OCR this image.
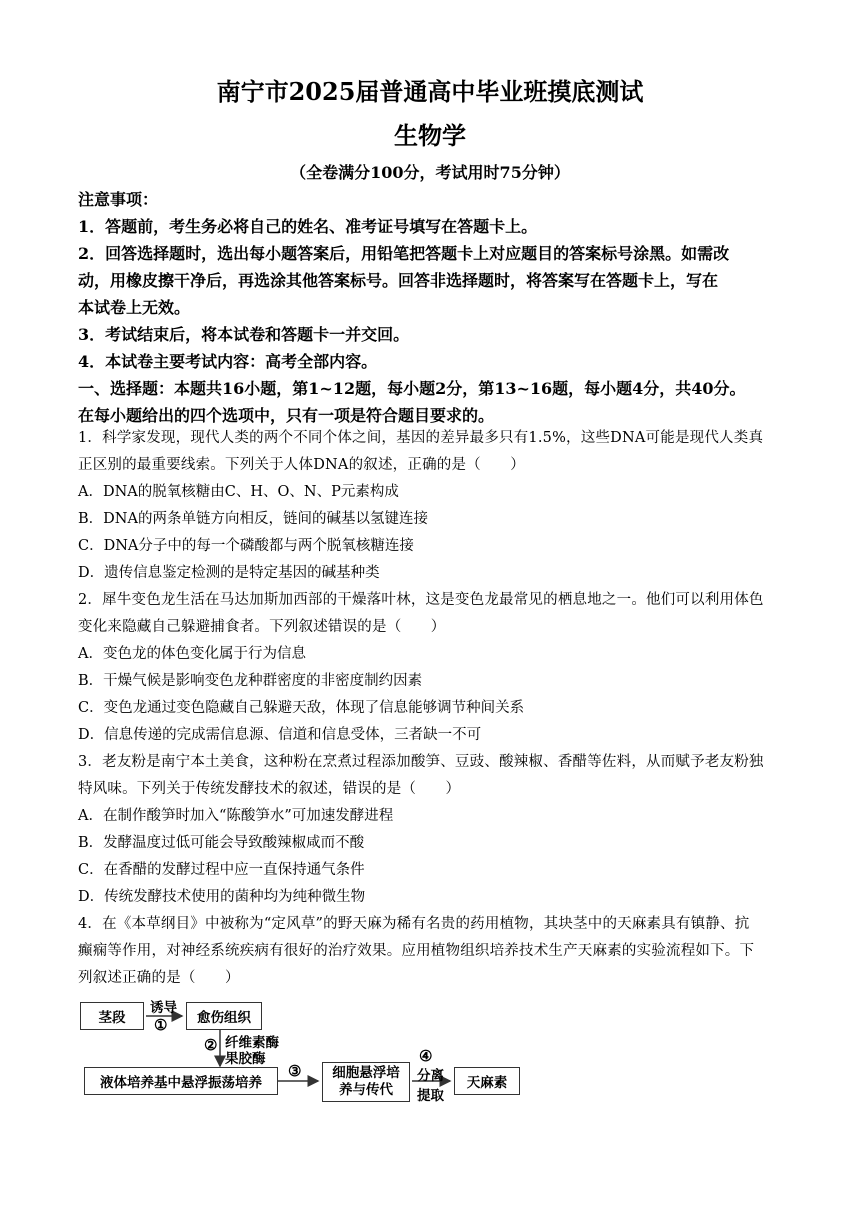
南宁市2025届普通高中毕业班摸底测试
生物学
（全卷满分100分，考试用时75分钟）
注意事项：
1．答题前，考生务必将自己的姓名、准考证号填写在答题卡上。
2．回答选择题时，选出每小题答案后，用铅笔把答题卡上对应题目的答案标号涂黑。如需改
动，用橡皮擦干净后，再选涂其他答案标号。回答非选择题时，将答案写在答题卡上，写在
本试卷上无效。
3．考试结束后，将本试卷和答题卡一并交回。
4．本试卷主要考试内容：高考全部内容。
一、选择题：本题共16小题，第1~12题，每小题2分，第13~16题，每小题4分，共40分。
在每小题给出的四个选项中，只有一项是符合题目要求的。
1．科学家发现，现代人类的两个不同个体之间，基因的差异最多只有1.5%，这些DNA可能是现代人类真
正区别的最重要线索。下列关于人体DNA的叙述，正确的是（　　）
A．DNA的脱氧核糖由C、H、O、N、P元素构成
B．DNA的两条单链方向相反，链间的碱基以氢键连接
C．DNA分子中的每一个磷酸都与两个脱氧核糖连接
D．遗传信息鉴定检测的是特定基因的碱基种类
2．犀牛变色龙生活在马达加斯加西部的干燥落叶林，这是变色龙最常见的栖息地之一。他们可以利用体色
变化来隐藏自己躲避捕食者。下列叙述错误的是（　　）
A．变色龙的体色变化属于行为信息
B．干燥气候是影响变色龙种群密度的非密度制约因素
C．变色龙通过变色隐藏自己躲避天敌，体现了信息能够调节种间关系
D．信息传递的完成需信息源、信道和信息受体，三者缺一不可
3．老友粉是南宁本土美食，这种粉在烹煮过程添加酸笋、豆豉、酸辣椒、香醋等佐料，从而赋予老友粉独
特风味。下列关于传统发酵技术的叙述，错误的是（　　）
A．在制作酸笋时加入“陈酸笋水”可加速发酵进程
B．发酵温度过低可能会导致酸辣椒咸而不酸
C．在香醋的发酵过程中应一直保持通气条件
D．传统发酵技术使用的菌种均为纯种微生物
4．在《本草纲目》中被称为“定风草”的野天麻为稀有名贵的药用植物，其块茎中的天麻素具有镇静、抗
癫痫等作用，对神经系统疾病有很好的治疗效果。应用植物组织培养技术生产天麻素的实验流程如下。下
列叙述正确的是（　　）
茎段	愈伤组织
液体培养基中悬浮振荡培养
细胞悬浮培
养与传代	天麻素
诱导
①
② 纤维素酶
果胶酶
③
④
分离
提取
